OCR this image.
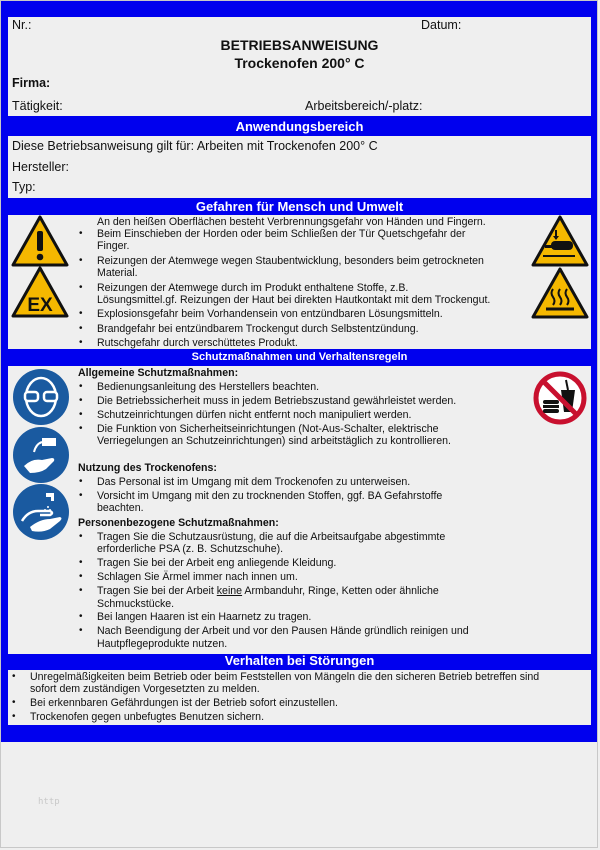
Nr.:	Datum:
BETRIEBSANWEISUNG
Trockenofen 200° C
Firma:
Tätigkeit:	Arbeitsbereich/-platz:
Anwendungsbereich
Diese Betriebsanweisung gilt für: Arbeiten mit Trockenofen 200° C
Hersteller:
Typ:
Gefahren für Mensch und Umwelt
EX
An den heißen Oberflächen besteht Verbrennungsgefahr von Händen und Fingern.
• Beim Einschieben der Horden oder beim Schließen der Tür Quetschgefahr der
Finger.
• Reizungen der Atemwege wegen Staubentwicklung, besonders beim getrockneten
Material.
• Reizungen der Atemwege durch im Produkt enthaltene Stoffe, z.B.
Lösungsmittel.gf. Reizungen der Haut bei direkten Hautkontakt mit dem Trockengut.
• Explosionsgefahr beim Vorhandensein von entzündbaren Lösungsmitteln.
• Brandgefahr bei entzündbarem Trockengut durch Selbstentzündung.
• Rutschgefahr durch verschüttetes Produkt.
Schutzmaßnahmen und Verhaltensregeln
Allgemeine Schutzmaßnahmen:
• Bedienungsanleitung des Herstellers beachten.
• Die Betriebssicherheit muss in jedem Betriebszustand gewährleistet werden.
• Schutzeinrichtungen dürfen nicht entfernt noch manipuliert werden.
• Die Funktion von Sicherheitseinrichtungen (Not-Aus-Schalter, elektrische
Verriegelungen an Schutzeinrichtungen) sind arbeitstäglich zu kontrollieren.
Nutzung des Trockenofens:
• Das Personal ist im Umgang mit dem Trockenofen zu unterweisen.
• Vorsicht im Umgang mit den zu trocknenden Stoffen, ggf. BA Gefahrstoffe
beachten.
Personenbezogene Schutzmaßnahmen:
• Tragen Sie die Schutzausrüstung, die auf die Arbeitsaufgabe abgestimmte
erforderliche PSA (z. B. Schutzschuhe).
• Tragen Sie bei der Arbeit eng anliegende Kleidung.
• Schlagen Sie Ärmel immer nach innen um.
• Tragen Sie bei der Arbeit keine Armbanduhr, Ringe, Ketten oder ähnliche
Schmuckstücke.
• Bei langen Haaren ist ein Haarnetz zu tragen.
• Nach Beendigung der Arbeit und vor den Pausen Hände gründlich reinigen und
Hautpflegeprodukte nutzen.
Verhalten bei Störungen
• Unregelmäßigkeiten beim Betrieb oder beim Feststellen von Mängeln die den sicheren Betrieb betreffen sind
sofort dem zuständigen Vorgesetzten zu melden.
• Bei erkennbaren Gefährdungen ist der Betrieb sofort einzustellen.
• Trockenofen gegen unbefugtes Benutzen sichern.
http
